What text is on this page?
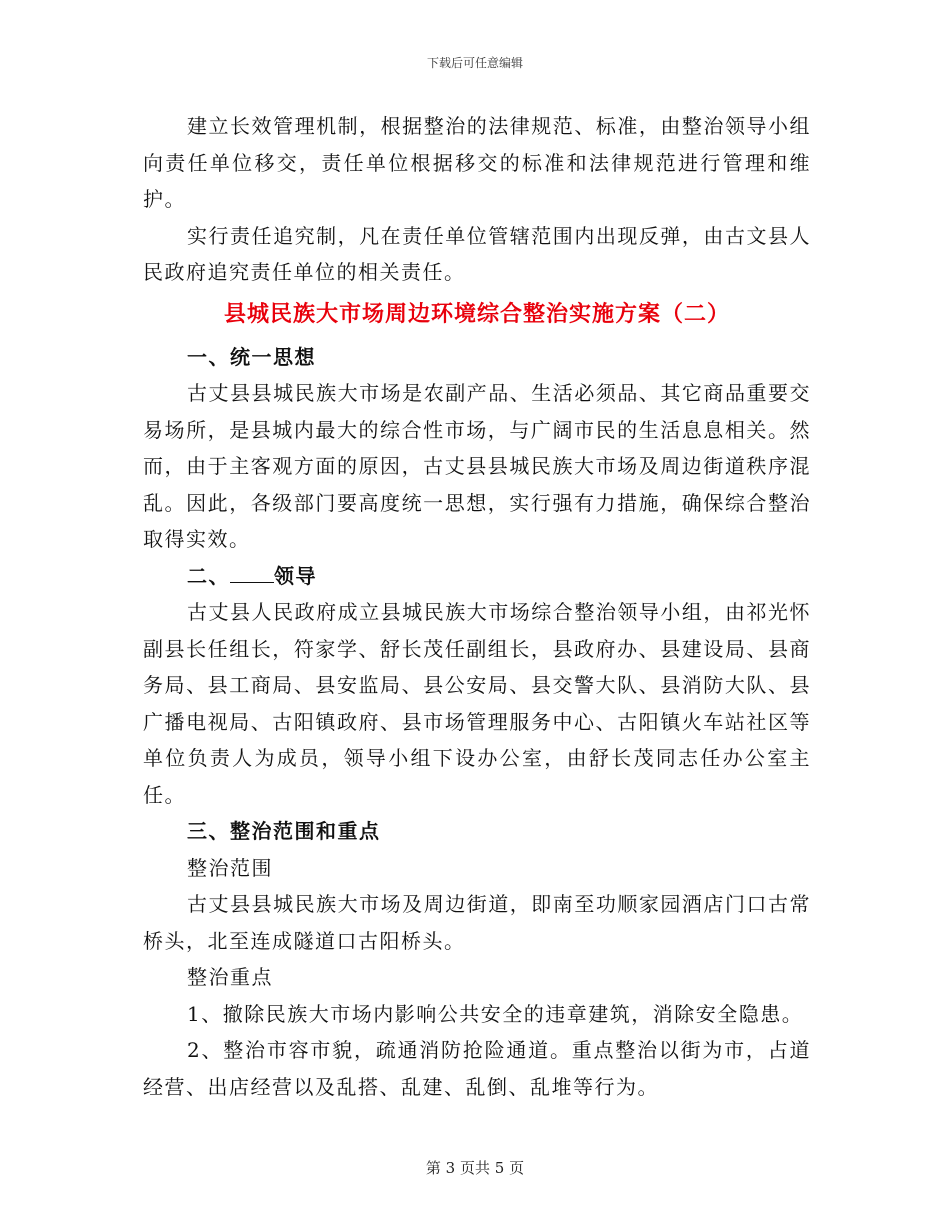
下载后可任意编辑

建立长效管理机制，根据整治的法律规范、标准，由整治领导小组向责任单位移交，责任单位根据移交的标准和法律规范进行管理和维护。

实行责任追究制，凡在责任单位管辖范围内出现反弹，由古文县人民政府追究责任单位的相关责任。

县城民族大市场周边环境综合整治实施方案（二）

一、统一思想

古丈县县城民族大市场是农副产品、生活必须品、其它商品重要交易场所，是县城内最大的综合性市场，与广阔市民的生活息息相关。然而，由于主客观方面的原因，古丈县县城民族大市场及周边街道秩序混乱。因此，各级部门要高度统一思想，实行强有力措施，确保综合整治取得实效。

二、 领导

古丈县人民政府成立县城民族大市场综合整治领导小组，由祁光怀副县长任组长，符家学、舒长茂任副组长，县政府办、县建设局、县商务局、县工商局、县安监局、县公安局、县交警大队、县消防大队、县广播电视局、古阳镇政府、县市场管理服务中心、古阳镇火车站社区等单位负责人为成员，领导小组下设办公室，由舒长茂同志任办公室主任。

三、整治范围和重点

整治范围

古丈县县城民族大市场及周边街道，即南至功顺家园酒店门口古常桥头，北至连成隧道口古阳桥头。

整治重点

1、撤除民族大市场内影响公共安全的违章建筑，消除安全隐患。

2、整治市容市貌，疏通消防抢险通道。重点整治以街为市，占道经营、出店经营以及乱搭、乱建、乱倒、乱堆等行为。

第 3 页共 5 页
